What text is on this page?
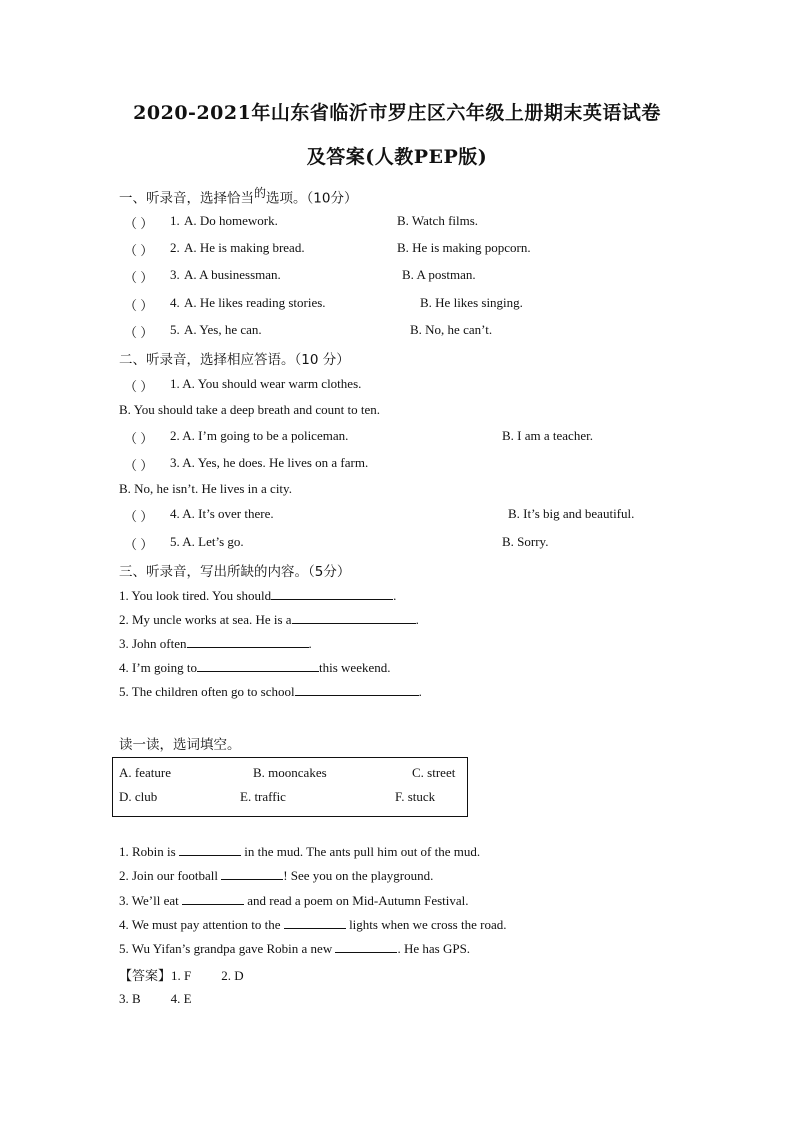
2020-2021年山东省临沂市罗庄区六年级上册期末英语试卷
及答案(人教PEP版)
一、听录音，选择恰当$^的$选项。（10分）
（ ） 1. A. Do homework.	B. Watch films.
（ ） 2. A. He is making bread.	B. He is making popcorn.
（ ） 3. A. A businessman.	B. A postman.
（ ） 4. A. He likes reading stories.	B. He likes singing.
（ ） 5. A. Yes, he can.	B. No, he can’t.
二、听录音，选择相应答语。（10 分）
（ ） 1. A. You should wear warm clothes.
B. You should take a deep breath and count to ten.
（ ） 2. A. I’m going to be a policeman.	B. I am a teacher.
（ ） 3. A. Yes, he does. He lives on a farm.
B. No, he isn’t. He lives in a city.
（ ） 4. A. It’s over there.	B. It’s big and beautiful.
（ ） 5. A. Let’s go.	B. Sorry.
三、听录音，写出所缺的内容。（5分）
1. You look tired. You should	.
2. My uncle works at sea. He is a	.
3. John often	.
4. I’m going to	this weekend.
5. The children often go to school	.
读一读，选词填空。
A. feature	B. mooncakes	C. street
D. club	E. traffic	F. stuck
1. Robin is	in the mud. The ants pull him out of the mud.
2. Join our football	! See you on the playground.
3. We’ll eat	and read a poem on Mid-Autumn Festival.
4. We must pay attention to the	lights when we cross the road.
5. Wu Yifan’s grandpa gave Robin a new	. He has GPS.
【答案】1. F 2. D
3. B 4. E
